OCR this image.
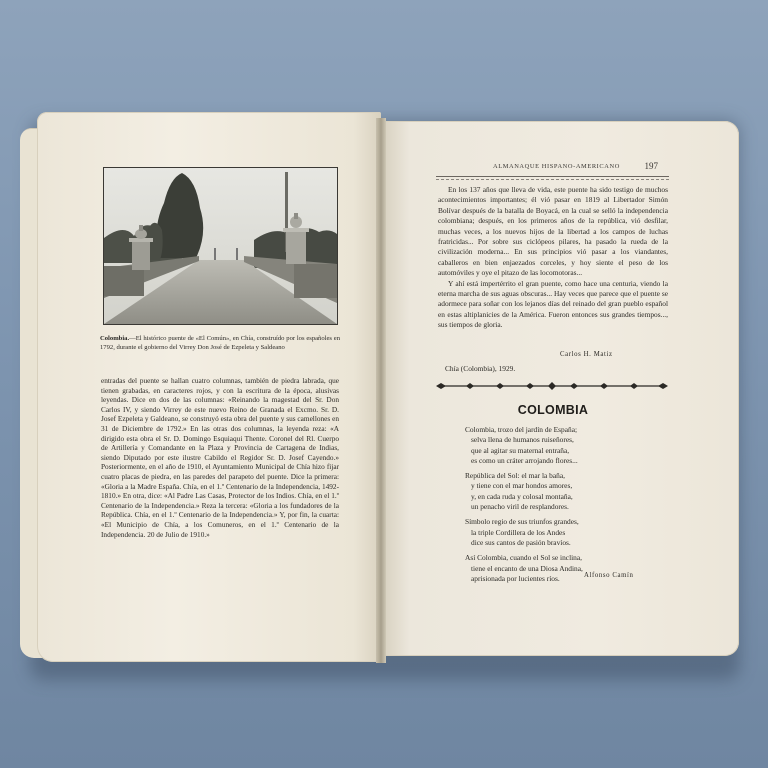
Colombia.—El histórico puente de «El Común», en Chía, construído por los españoles en 1792, durante el gobierno del Virrey Don José de Ezpeleta y Saldeano

entradas del puente se hallan cuatro columnas, también de piedra labrada, que tienen grabadas, en caracteres rojos, y con la escritura de la época, alusivas leyendas. Dice en dos de las columnas: «Reinando la magestad del Sr. Don Carlos IV, y siendo Virrey de este nuevo Reino de Granada el Excmo. Sr. D. Josef Ezpeleta y Galdeano, se construyó esta obra del puente y sus camellones en 31 de Diciembre de 1792.» En las otras dos columnas, la leyenda reza: «A dirigido esta obra el Sr. D. Domingo Esquiaqui Thente. Coronel del Rl. Cuerpo de Artillería y Comandante en la Plaza y Provincia de Cartagena de Indias, siendo Diputado por este ilustre Cabildo el Regidor Sr. D. Josef Cayendo.» Posteriormente, en el año de 1910, el Ayuntamiento Municipal de Chía hizo fijar cuatro placas de piedra, en las paredes del parapeto del puente. Dice la primera: «Gloria a la Madre España. Chía, en el 1.º Centenario de la Independencia, 1492-1810.» En otra, dice: «Al Padre Las Casas, Protector de los Indios. Chía, en el 1.º Centenario de la Independencia.» Reza la tercera: «Gloria a los fundadores de la República. Chía, en el 1.º Centenario de la Independencia.» Y, por fin, la cuarta: «El Municipio de Chía, a los Comuneros, en el 1.º Centenario de la Independencia. 20 de Julio de 1910.»

ALMANAQUE HISPANO-AMERICANO	197

En los 137 años que lleva de vida, este puente ha sido testigo de muchos acontecimientos importantes; él vió pasar en 1819 al Libertador Simón Bolívar después de la batalla de Boyacá, en la cual se selló la independencia colombiana; después, en los primeros años de la república, vió desfilar, muchas veces, a los nuevos hijos de la libertad a los campos de luchas fratricidas... Por sobre sus ciclópeos pilares, ha pasado la rueda de la civilización moderna... En sus principios vió pasar a los viandantes, caballeros en bien enjaezados corceles, y hoy siente el peso de los automóviles y oye el pitazo de las locomotoras...

Y ahí está impertérrito el gran puente, como hace una centuria, viendo la eterna marcha de sus aguas obscuras... Hay veces que parece que el puente se adormece para soñar con los lejanos días del reinado del gran pueblo español en estas altiplanicies de la América. Fueron entonces sus grandes tiempos..., sus tiempos de gloria.

Carlos H. Matiz
Chía (Colombia), 1929.
COLOMBIA
Colombia, trozo del jardín de España;
selva llena de humanos ruiseñores,
que al agitar su maternal entraña,
es como un cráter arrojando flores...
República del Sol: el mar la baña,
y tiene con el mar hondos amores,
y, en cada ruda y colosal montaña,
un penacho viril de resplandores.
Símbolo regio de sus triunfos grandes,
la triple Cordillera de los Andes
dice sus cantos de pasión bravíos.
Así Colombia, cuando el Sol se inclina,
tiene el encanto de una Diosa Andina,
aprisionada por lucientes ríos.	Alfonso Camín
